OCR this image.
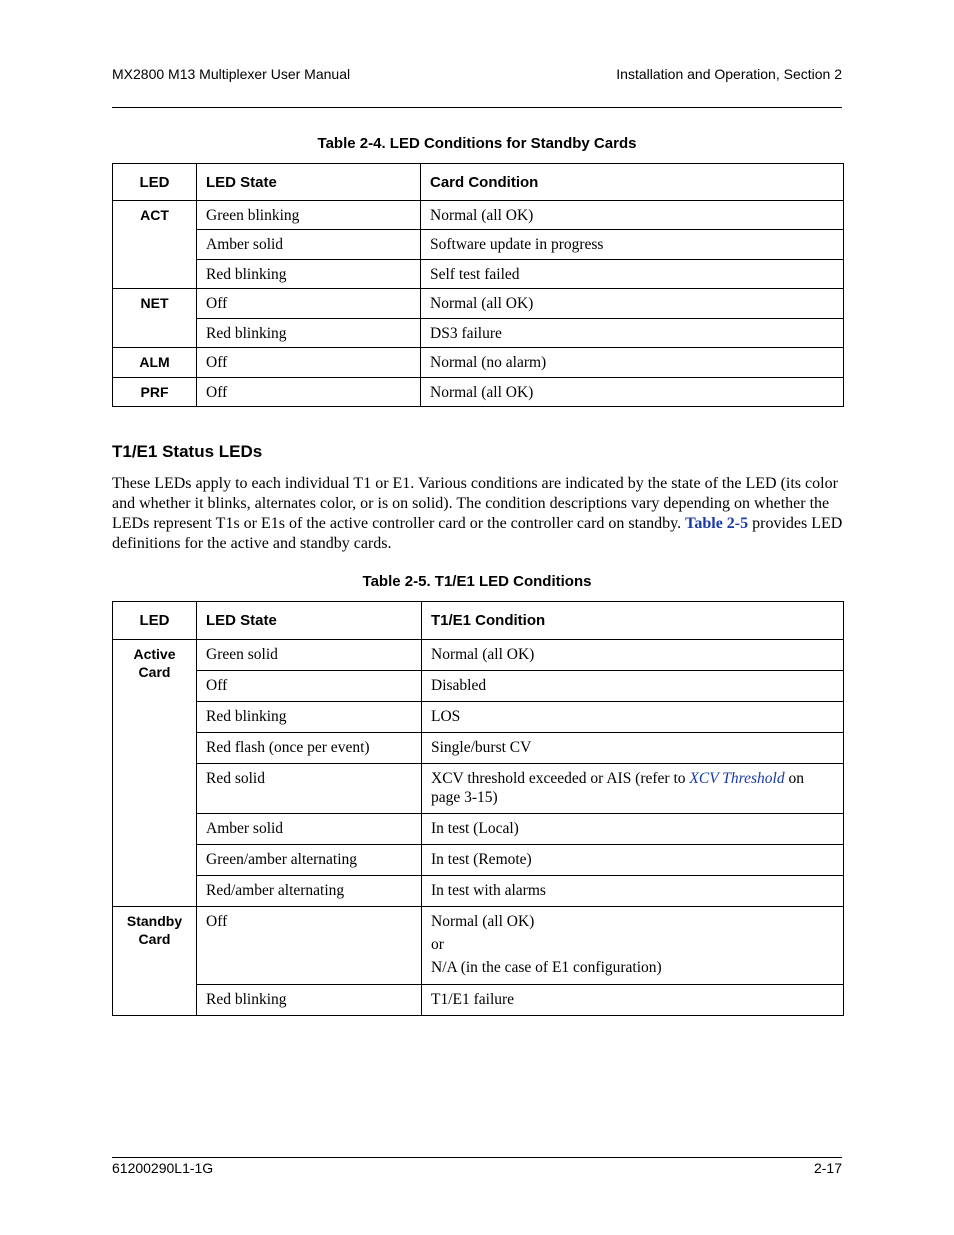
MX2800 M13 Multiplexer User Manual	Installation and Operation, Section 2
Table 2-4. LED Conditions for Standby Cards
LED	LED State	Card Condition
ACT	Green blinking	Normal (all OK)
	Amber solid	Software update in progress
	Red blinking	Self test failed
NET	Off	Normal (all OK)
	Red blinking	DS3 failure
ALM	Off	Normal (no alarm)
PRF	Off	Normal (all OK)
T1/E1 Status LEDs
These LEDs apply to each individual T1 or E1. Various conditions are indicated by the state of the LED (its color and whether it blinks, alternates color, or is on solid). The condition descriptions vary depending on whether the LEDs represent T1s or E1s of the active controller card or the controller card on standby. Table 2-5 provides LED definitions for the active and standby cards.
Table 2-5. T1/E1 LED Conditions
LED	LED State	T1/E1 Condition

Active
Card	Green solid	Normal (all OK)
	Off	Disabled
	Red blinking	LOS
	Red flash (once per event)	Single/burst CV
	Red solid	XCV threshold exceeded or AIS (refer to XCV Threshold on page 3-15)
	Amber solid	In test (Local)
	Green/amber alternating	In test (Remote)
	Red/amber alternating	In test with alarms

Standby
Card	Off	Normal (all OK)
or
N/A (in the case of E1 configuration)

	Red blinking	T1/E1 failure
61200290L1-1G	2-17
